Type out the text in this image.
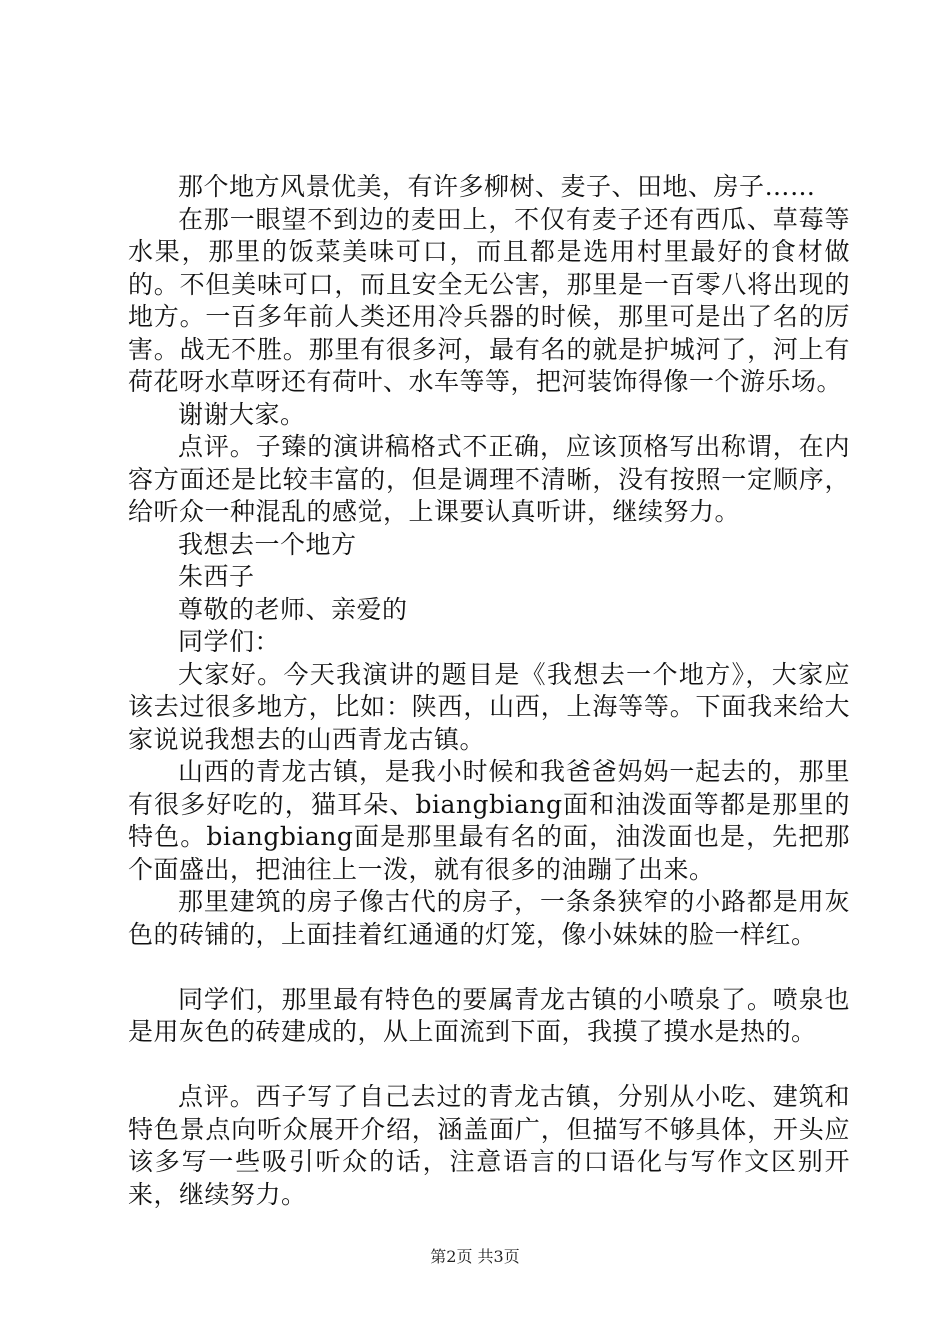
那个地方风景优美，有许多柳树、麦子、田地、房子……

在那一眼望不到边的麦田上，不仅有麦子还有西瓜、草莓等水果，那里的饭菜美味可口，而且都是选用村里最好的食材做的。不但美味可口，而且安全无公害，那里是一百零八将出现的地方。一百多年前人类还用冷兵器的时候，那里可是出了名的厉害。战无不胜。那里有很多河，最有名的就是护城河了，河上有荷花呀水草呀还有荷叶、水车等等，把河装饰得像一个游乐场。

谢谢大家。

点评。子臻的演讲稿格式不正确，应该顶格写出称谓，在内容方面还是比较丰富的，但是调理不清晰，没有按照一定顺序，给听众一种混乱的感觉，上课要认真听讲，继续努力。

我想去一个地方

朱西子

尊敬的老师、亲爱的

同学们：

大家好。今天我演讲的题目是《我想去一个地方》，大家应该去过很多地方，比如：陕西，山西，上海等等。下面我来给大家说说我想去的山西青龙古镇。

山西的青龙古镇，是我小时候和我爸爸妈妈一起去的，那里有很多好吃的，猫耳朵、biangbiang面和油泼面等都是那里的特色。biangbiang面是那里最有名的面，油泼面也是，先把那个面盛出，把油往上一泼，就有很多的油蹦了出来。

那里建筑的房子像古代的房子，一条条狭窄的小路都是用灰色的砖铺的，上面挂着红通通的灯笼，像小妹妹的脸一样红。

同学们，那里最有特色的要属青龙古镇的小喷泉了。喷泉也是用灰色的砖建成的，从上面流到下面，我摸了摸水是热的。

点评。西子写了自己去过的青龙古镇，分别从小吃、建筑和特色景点向听众展开介绍，涵盖面广，但描写不够具体，开头应该多写一些吸引听众的话，注意语言的口语化与写作文区别开来，继续努力。

第2页 共3页
